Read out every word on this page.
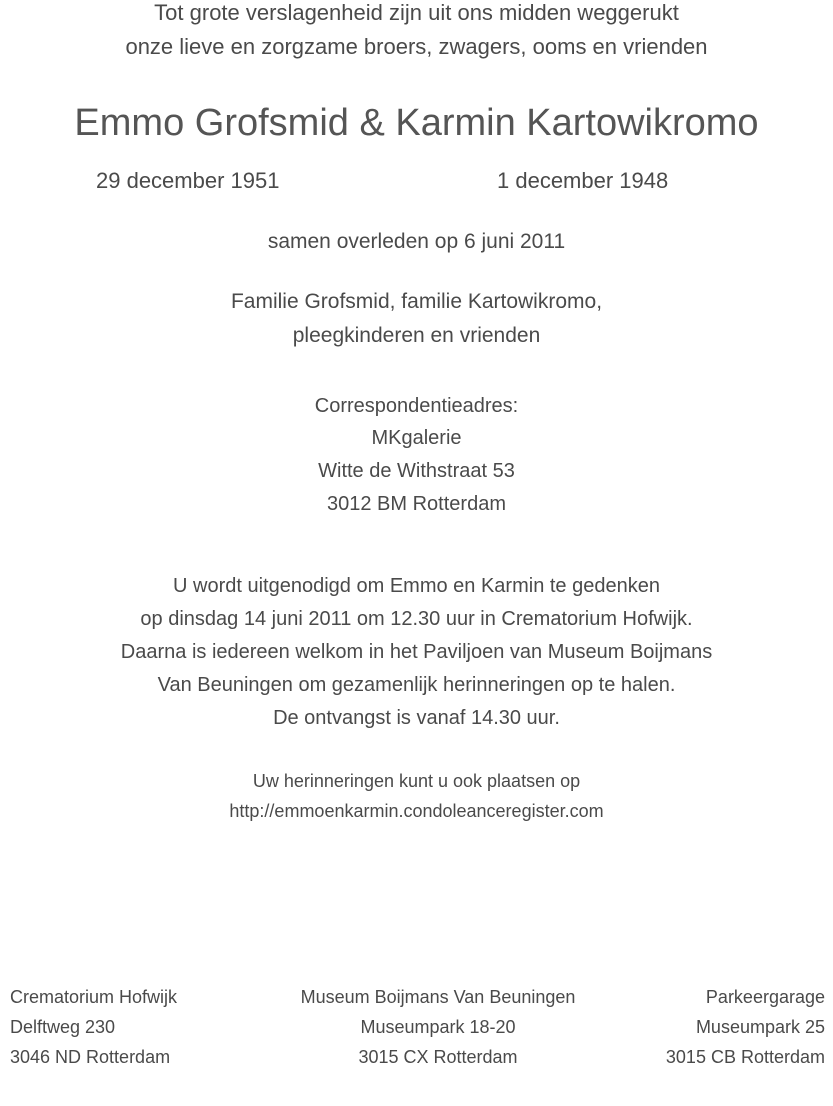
Tot grote verslagenheid zijn uit ons midden weggerukt
onze lieve en zorgzame broers, zwagers, ooms en vrienden
Emmo Grofsmid & Karmin Kartowikromo
29 december 1951	1 december 1948
samen overleden op 6 juni 2011
Familie Grofsmid, familie Kartowikromo,
pleegkinderen en vrienden
Correspondentieadres:
MKgalerie
Witte de Withstraat 53
3012 BM Rotterdam
U wordt uitgenodigd om Emmo en Karmin te gedenken
op dinsdag 14 juni 2011 om 12.30 uur in Crematorium Hofwijk.
Daarna is iedereen welkom in het Paviljoen van Museum Boijmans
Van Beuningen om gezamenlijk herinneringen op te halen.
De ontvangst is vanaf 14.30 uur.
Uw herinneringen kunt u ook plaatsen op
http://emmoenkarmin.condoleanceregister.com
Crematorium Hofwijk
Delftweg 230
3046 ND Rotterdam
Museum Boijmans Van Beuningen
Museumpark 18-20
3015 CX Rotterdam
Parkeergarage
Museumpark 25
3015 CB Rotterdam
